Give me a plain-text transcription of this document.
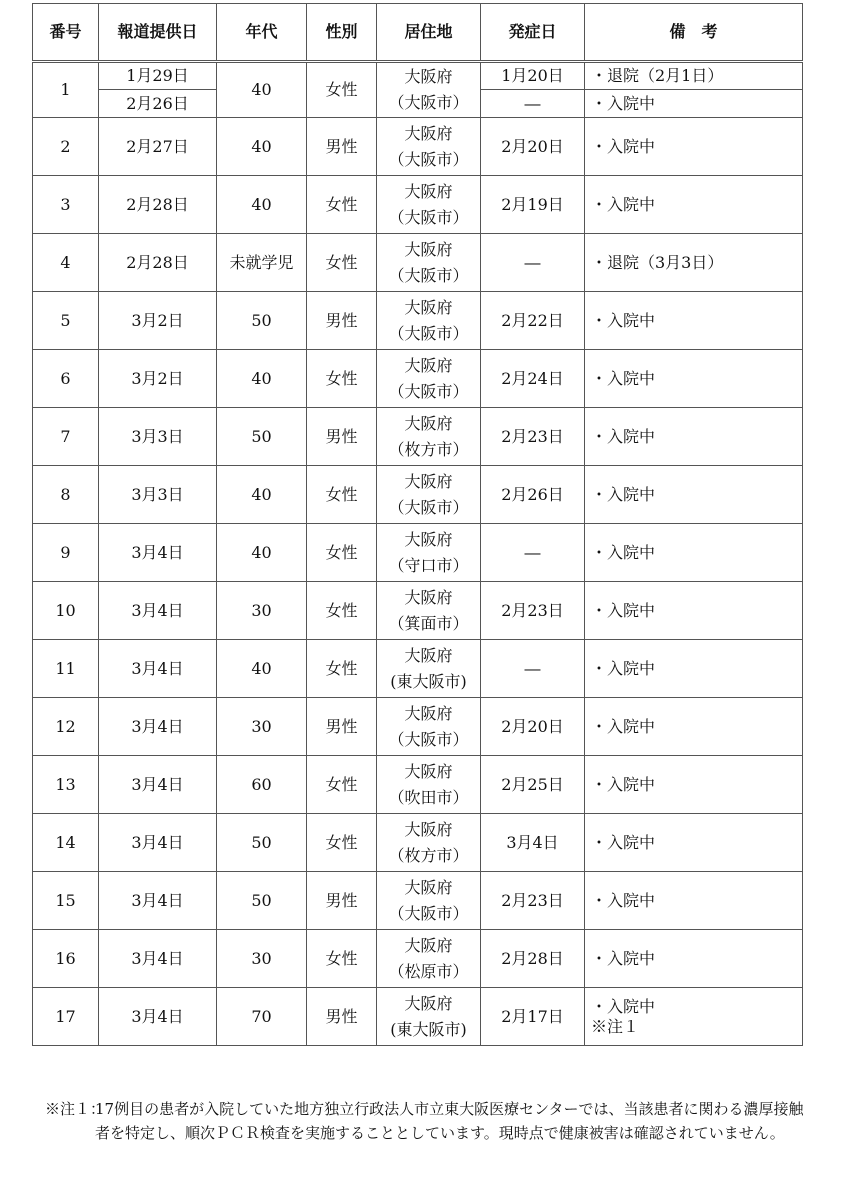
番号	報道提供日	年代	性別	居住地	発症日	備　考
1	1月29日	40	女性	大阪府
（大阪市）	1月20日	・退院（2月1日）
	2月26日				―	・入院中
2	2月27日	40	男性	大阪府
（大阪市）	2月20日	・入院中
3	2月28日	40	女性	大阪府
（大阪市）	2月19日	・入院中
4	2月28日	未就学児	女性	大阪府
（大阪市）	―	・退院（3月3日）
5	3月2日	50	男性	大阪府
（大阪市）	2月22日	・入院中
6	3月2日	40	女性	大阪府
（大阪市）	2月24日	・入院中
7	3月3日	50	男性	大阪府
（枚方市）	2月23日	・入院中
8	3月3日	40	女性	大阪府
（大阪市）	2月26日	・入院中
9	3月4日	40	女性	大阪府
（守口市）	―	・入院中
10	3月4日	30	女性	大阪府
（箕面市）	2月23日	・入院中
11	3月4日	40	女性	大阪府
(東大阪市)	―	・入院中
12	3月4日	30	男性	大阪府
（大阪市）	2月20日	・入院中
13	3月4日	60	女性	大阪府
（吹田市）	2月25日	・入院中
14	3月4日	50	女性	大阪府
（枚方市）	3月4日	・入院中
15	3月4日	50	男性	大阪府
（大阪市）	2月23日	・入院中
16	3月4日	30	女性	大阪府
（松原市）	2月28日	・入院中
17	3月4日	70	男性	大阪府
(東大阪市)	2月17日	・入院中
※注１
※注１：
17例目の患者が入院していた地方独立行政法人市立東大阪医療センターでは、当該患者に関わる濃厚接触者を特定し、順次ＰＣＲ検査を実施することとしています。現時点で健康被害は確認されていません。
